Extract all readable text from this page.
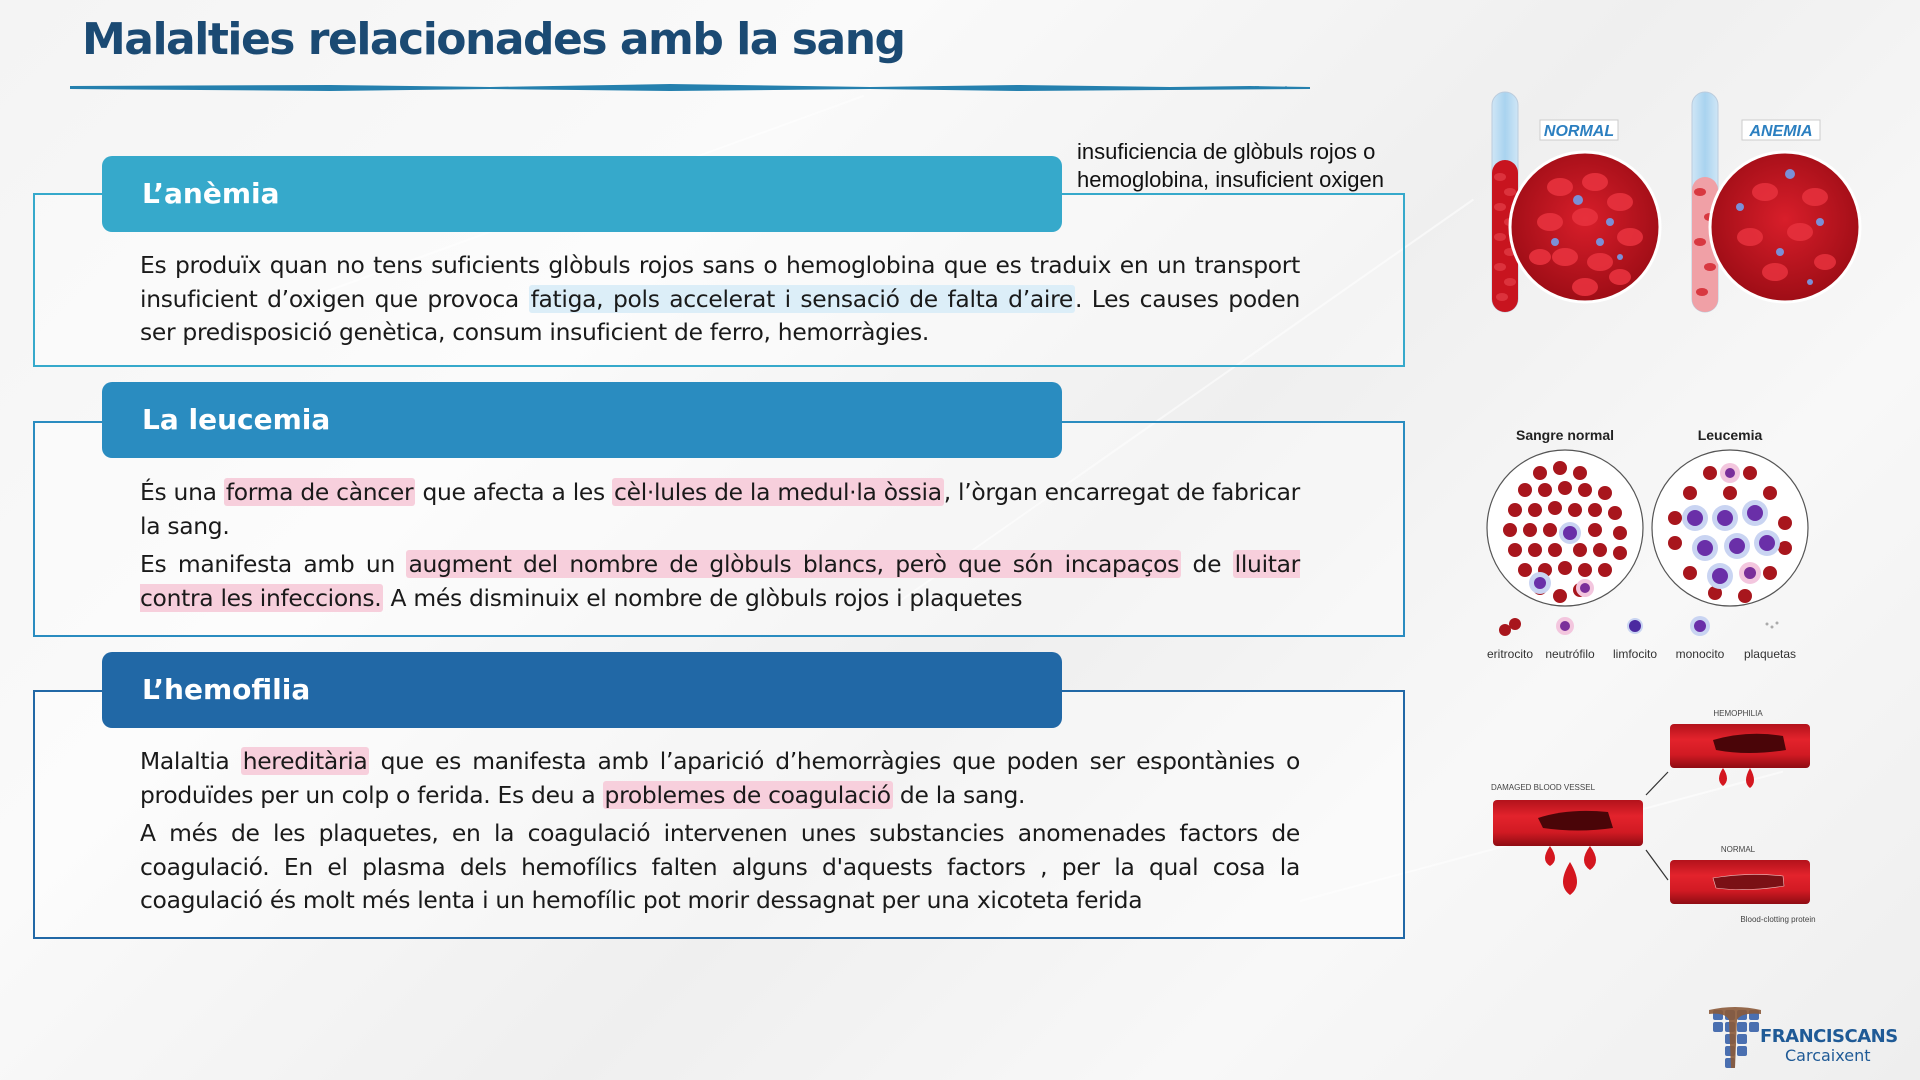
Malalties relacionades amb la sang
insuficiencia de glòbuls rojos o
hemoglobina, insuficient oxigen
L’anèmia

Es produïx quan no tens suficients glòbuls rojos sans o hemoglobina que es traduix en un transport insuficient d’oxigen que provoca fatiga, pols accelerat i sensació de falta d’aire. Les causes poden ser predisposició genètica, consum insuficient de ferro, hemorràgies.

La leucemia

És una forma de càncer que afecta a les cèl·lules de la medul·la òssia, l’òrgan encarregat de fabricar la sang.

Es manifesta amb un augment del nombre de glòbuls blancs, però que són incapaços de lluitar contra les infeccions. A més disminuix el nombre de glòbuls rojos i plaquetes

L’hemofilia

Malaltia hereditària que es manifesta amb l’aparició d’hemorràgies que poden ser espontànies o produïdes per un colp o ferida. Es deu a problemes de coagulació de la sang.

A més de les plaquetes, en la coagulació intervenen unes substancies anomenades factors de coagulació. En el plasma dels hemofílics falten alguns d'aquests factors , per la qual cosa la coagulació és molt més lenta i un hemofílic pot morir dessagnat per una xicoteta ferida

NORMAL	ANEMIA
Sangre normal	Leucemia
eritrocito neutrófilo limfocito monocito plaquetas
DAMAGED BLOOD VESSEL
HEMOPHILIA
NORMAL
Blood-clotting protein
FRANCISCANS
Carcaixent
